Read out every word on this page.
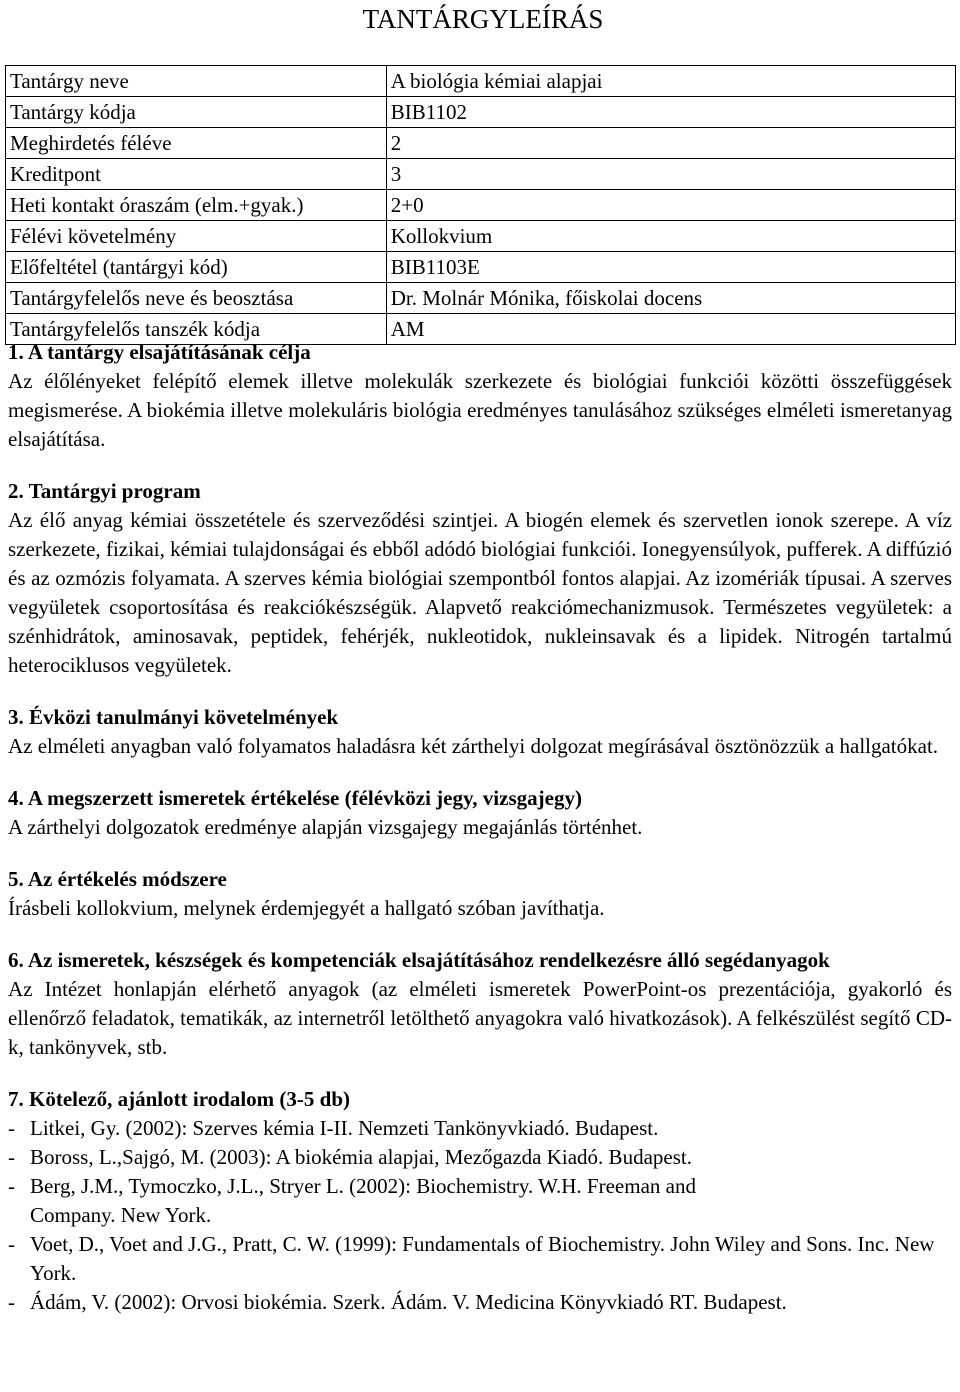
TANTÁRGYLEÍRÁS
Tantárgy neve	A biológia kémiai alapjai
Tantárgy kódja	BIB1102
Meghirdetés féléve	2
Kreditpont	3
Heti kontakt óraszám (elm.+gyak.)	2+0
Félévi követelmény	Kollokvium
Előfeltétel (tantárgyi kód)	BIB1103E
Tantárgyfelelős neve és beosztása	Dr. Molnár Mónika, főiskolai docens
Tantárgyfelelős tanszék kódja	AM
1. A tantárgy elsajátításának célja

Az élőlényeket felépítő elemek illetve molekulák szerkezete és biológiai funkciói közötti összefüggések megismerése. A biokémia illetve molekuláris biológia eredményes tanulásához szükséges elméleti ismeretanyag elsajátítása.

2. Tantárgyi program

Az élő anyag kémiai összetétele és szerveződési szintjei. A biogén elemek és szervetlen ionok szerepe. A víz szerkezete, fizikai, kémiai tulajdonságai és ebből adódó biológiai funkciói. Ionegyensúlyok, pufferek. A diffúzió és az ozmózis folyamata. A szerves kémia biológiai szempontból fontos alapjai. Az izomériák típusai. A szerves vegyületek csoportosítása és reakciókészségük. Alapvető reakciómechanizmusok. Természetes vegyületek: a szénhidrátok, aminosavak, peptidek, fehérjék, nukleotidok, nukleinsavak és a lipidek. Nitrogén tartalmú heterociklusos vegyületek.

3. Évközi tanulmányi követelmények

Az elméleti anyagban való folyamatos haladásra két zárthelyi dolgozat megírásával ösztönözzük a hallgatókat.

4. A megszerzett ismeretek értékelése (félévközi jegy, vizsgajegy)

A zárthelyi dolgozatok eredménye alapján vizsgajegy megajánlás történhet.

5. Az értékelés módszere

Írásbeli kollokvium, melynek érdemjegyét a hallgató szóban javíthatja.

6. Az ismeretek, készségek és kompetenciák elsajátításához rendelkezésre álló segédanyagok

Az Intézet honlapján elérhető anyagok (az elméleti ismeretek PowerPoint-os prezentációja, gyakorló és ellenőrző feladatok, tematikák, az internetről letölthető anyagokra való hivatkozások). A felkészülést segítő CD-k, tankönyvek, stb.

7. Kötelező, ajánlott irodalom (3-5 db)
- Litkei, Gy. (2002): Szerves kémia I-II. Nemzeti Tankönyvkiadó. Budapest.
- Boross, L.,Sajgó, M. (2003): A biokémia alapjai, Mezőgazda Kiadó. Budapest.
- Berg, J.M., Tymoczko, J.L., Stryer L. (2002): Biochemistry. W.H. Freeman and Company. New York.
- Voet, D., Voet and J.G., Pratt, C. W. (1999): Fundamentals of Biochemistry. John Wiley and Sons. Inc. New York.
- Ádám, V. (2002): Orvosi biokémia. Szerk. Ádám. V. Medicina Könyvkiadó RT. Budapest.
